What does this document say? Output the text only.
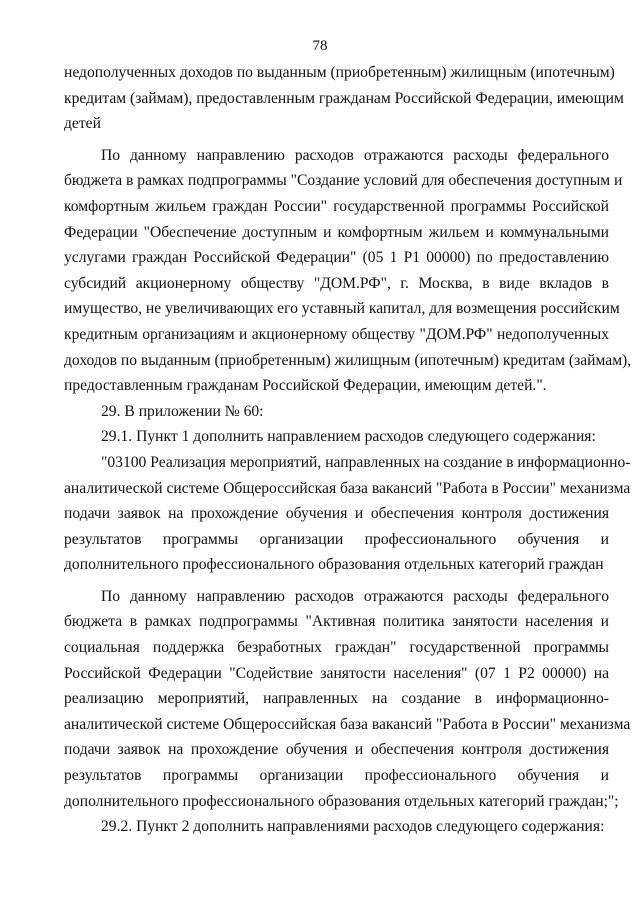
78
недополученных доходов по выданным (приобретенным) жилищным (ипотечным)
кредитам (займам), предоставленным гражданам Российской Федерации, имеющим
детей
По данному направлению расходов отражаются расходы федерального
бюджета в рамках подпрограммы "Создание условий для обеспечения доступным и
комфортным жильем граждан России" государственной программы Российской
Федерации "Обеспечение доступным и комфортным жильем и коммунальными
услугами граждан Российской Федерации" (05 1 Р1 00000) по предоставлению
субсидий акционерному обществу "ДОМ.РФ", г. Москва, в виде вкладов в
имущество, не увеличивающих его уставный капитал, для возмещения российским
кредитным организациям и акционерному обществу "ДОМ.РФ" недополученных
доходов по выданным (приобретенным) жилищным (ипотечным) кредитам (займам),
предоставленным гражданам Российской Федерации, имеющим детей.".
29. В приложении № 60:
29.1. Пункт 1 дополнить направлением расходов следующего содержания:
"03100 Реализация мероприятий, направленных на создание в информационно-
аналитической системе Общероссийская база вакансий "Работа в России" механизма
подачи заявок на прохождение обучения и обеспечения контроля достижения
результатов программы организации профессионального обучения и
дополнительного профессионального образования отдельных категорий граждан
По данному направлению расходов отражаются расходы федерального
бюджета в рамках подпрограммы "Активная политика занятости населения и
социальная поддержка безработных граждан" государственной программы
Российской Федерации "Содействие занятости населения" (07 1 Р2 00000) на
реализацию мероприятий, направленных на создание в информационно-
аналитической системе Общероссийская база вакансий "Работа в России" механизма
подачи заявок на прохождение обучения и обеспечения контроля достижения
результатов программы организации профессионального обучения и
дополнительного профессионального образования отдельных категорий граждан;";
29.2. Пункт 2 дополнить направлениями расходов следующего содержания:
